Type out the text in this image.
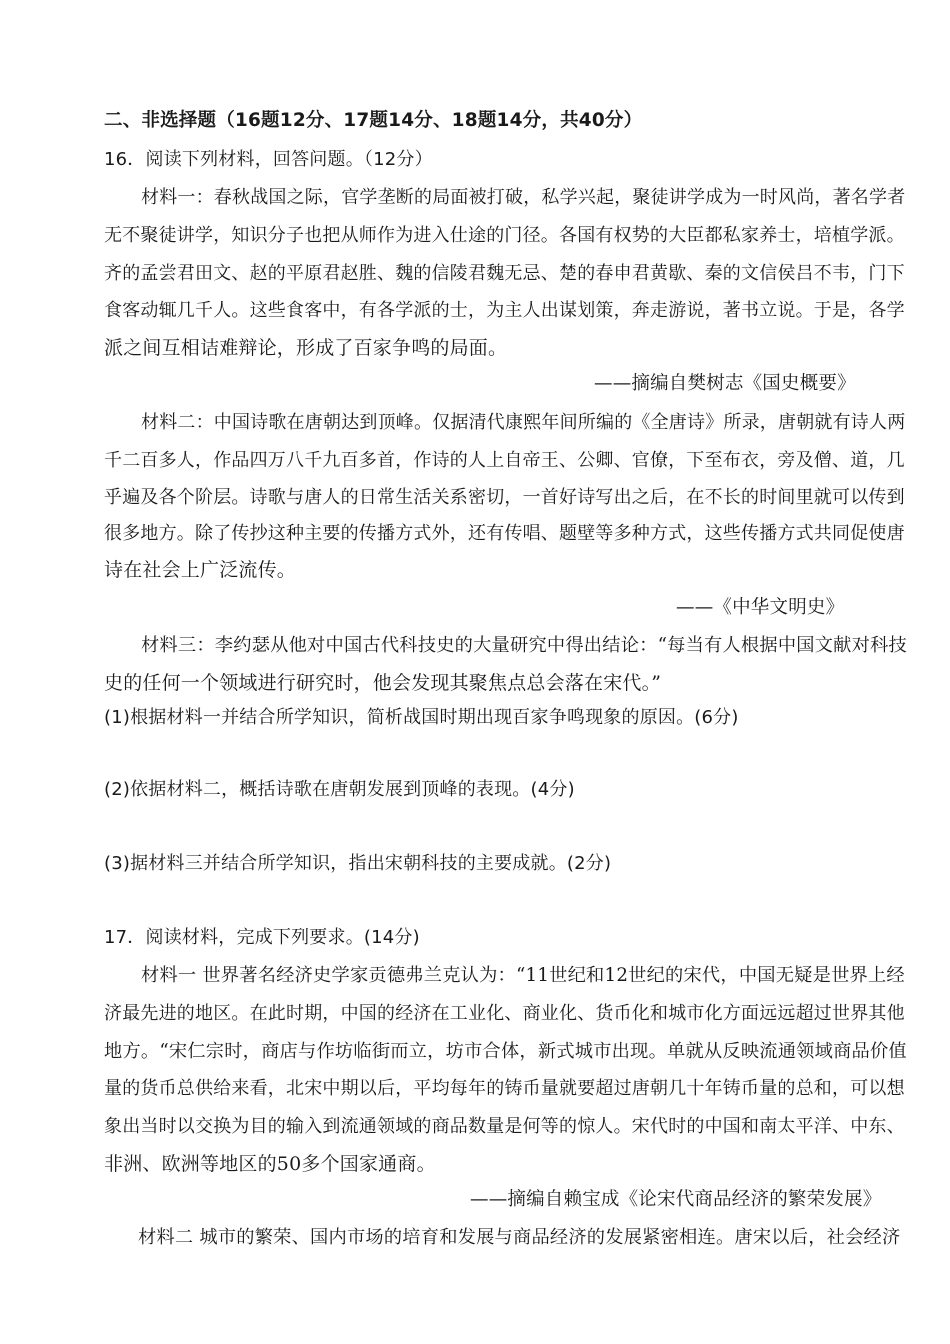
二、非选择题（16题12分、17题14分、18题14分，共40分）
16．阅读下列材料，回答问题。（12分）
材料一：春秋战国之际，官学垄断的局面被打破，私学兴起，聚徒讲学成为一时风尚，著名学者
无不聚徒讲学，知识分子也把从师作为进入仕途的门径。各国有权势的大臣都私家养士，培植学派。
齐的孟尝君田文、赵的平原君赵胜、魏的信陵君魏无忌、楚的春申君黄歇、秦的文信侯吕不韦，门下
食客动辄几千人。这些食客中，有各学派的士，为主人出谋划策，奔走游说，著书立说。于是，各学
派之间互相诘难辩论，形成了百家争鸣的局面。
——摘编自樊树志《国史概要》
材料二：中国诗歌在唐朝达到顶峰。仅据清代康熙年间所编的《全唐诗》所录，唐朝就有诗人两
千二百多人，作品四万八千九百多首，作诗的人上自帝王、公卿、官僚，下至布衣，旁及僧、道，几
乎遍及各个阶层。诗歌与唐人的日常生活关系密切，一首好诗写出之后，在不长的时间里就可以传到
很多地方。除了传抄这种主要的传播方式外，还有传唱、题壁等多种方式，这些传播方式共同促使唐
诗在社会上广泛流传。
——《中华文明史》
材料三：李约瑟从他对中国古代科技史的大量研究中得出结论：“每当有人根据中国文献对科技
史的任何一个领域进行研究时，他会发现其聚焦点总会落在宋代。”
(1)根据材料一并结合所学知识，简析战国时期出现百家争鸣现象的原因。(6分)
(2)依据材料二，概括诗歌在唐朝发展到顶峰的表现。(4分)
(3)据材料三并结合所学知识，指出宋朝科技的主要成就。(2分)
17．阅读材料，完成下列要求。(14分)
材料一 世界著名经济史学家贡德弗兰克认为：“11世纪和12世纪的宋代，中国无疑是世界上经
济最先进的地区。在此时期，中国的经济在工业化、商业化、货币化和城市化方面远远超过世界其他
地方。“宋仁宗时，商店与作坊临街而立，坊市合体，新式城市出现。单就从反映流通领域商品价值
量的货币总供给来看，北宋中期以后，平均每年的铸币量就要超过唐朝几十年铸币量的总和，可以想
象出当时以交换为目的输入到流通领域的商品数量是何等的惊人。宋代时的中国和南太平洋、中东、
非洲、欧洲等地区的50多个国家通商。
——摘编自赖宝成《论宋代商品经济的繁荣发展》
材料二 城市的繁荣、国内市场的培育和发展与商品经济的发展紧密相连。唐宋以后，社会经济
